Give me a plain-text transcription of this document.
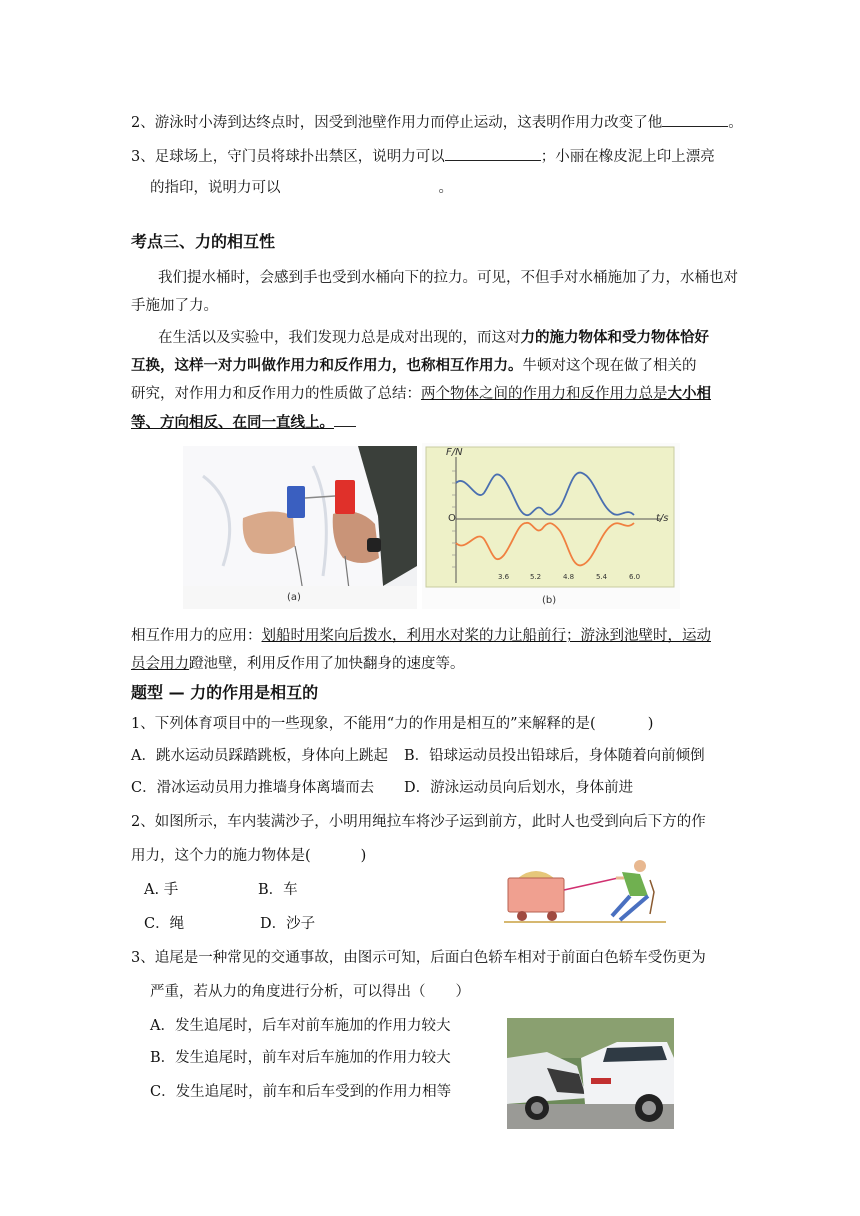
2、游泳时小涛到达终点时，因受到池壁作用力而停止运动，这表明作用力改变了他	。
3、足球场上，守门员将球扑出禁区，说明力可以	；小丽在橡皮泥上印上漂亮
的指印，说明力可以	。
考点三、力的相互性
我们提水桶时，会感到手也受到水桶向下的拉力。可见，不但手对水桶施加了力，水桶也对
手施加了力。
在生活以及实验中，我们发现力总是成对出现的，而这对力的施力物体和受力物体恰好
互换，这样一对力叫做作用力和反作用力，也称相互作用力。牛顿对这个现在做了相关的
研究，对作用力和反作用力的性质做了总结：两个物体之间的作用力和反作用力总是大小相
等、方向相反、在同一直线上。
(a)
F/N
t/s
O
3.6	5.2	4.8	5.4	6.0
(b)
相互作用力的应用：划船时用桨向后拨水，利用水对桨的力让船前行；游泳到池壁时，运动
员会用力蹬池壁，利用反作用了加快翻身的速度等。
题型 — 力的作用是相互的
1、下列体育项目中的一些现象，不能用“力的作用是相互的”来解释的是(	)
A．跳水运动员踩踏跳板，身体向上跳起 B．铅球运动员投出铅球后，身体随着向前倾倒
C．滑冰运动员用力推墙身体离墙而去 D．游泳运动员向后划水，身体前进
2、如图所示，车内装满沙子，小明用绳拉车将沙子运到前方，此时人也受到向后下方的作
用力，这个力的施力物体是(	)
A. 手	B．车
C．绳	D．沙子
3、追尾是一种常见的交通事故，由图示可知，后面白色轿车相对于前面白色轿车受伤更为
严重，若从力的角度进行分析，可以得出（ ）
A．发生追尾时，后车对前车施加的作用力较大
B．发生追尾时，前车对后车施加的作用力较大
C．发生追尾时，前车和后车受到的作用力相等
